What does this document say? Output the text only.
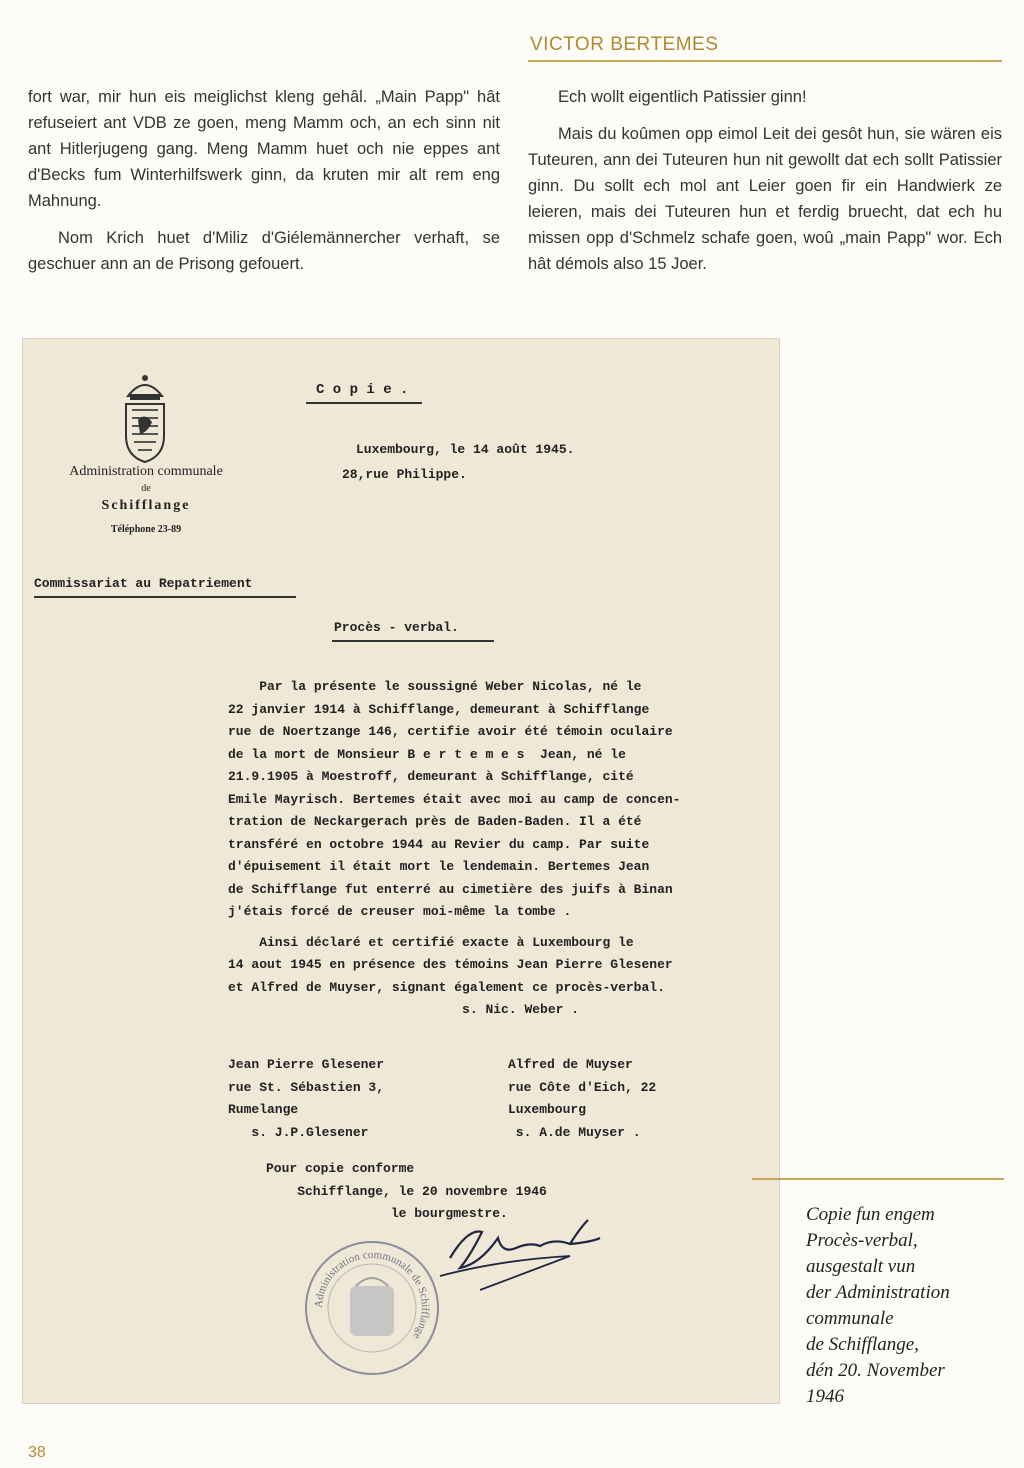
VICTOR BERTEMES

fort war, mir hun eis meiglichst kleng gehâl. „Main Papp" hât refuseiert ant VDB ze goen, meng Mamm och, an ech sinn nit ant Hitlerjugeng gang. Meng Mamm huet och nie eppes ant d'Becks fum Winterhilfswerk ginn, da kruten mir alt rem eng Mahnung.

Nom Krich huet d'Miliz d'Giélemännercher verhaft, se geschuer ann an de Prisong gefouert.

Ech wollt eigentlich Patissier ginn!

Mais du koûmen opp eimol Leit dei gesôt hun, sie wären eis Tuteuren, ann dei Tuteuren hun nit gewollt dat ech sollt Patissier ginn. Du sollt ech mol ant Leier goen fir ein Handwierk ze leieren, mais dei Tuteuren hun et ferdig bruecht, dat ech hu missen opp d'Schmelz schafe goen, woû „main Papp" wor. Ech hât démols also 15 Joer.

Administration communale
de
Schifflange
Téléphone 23-89
C o p i e .
Luxembourg, le 14 août 1945.
28,rue Philippe.
Commissariat au Repatriement
Procès - verbal.
Par la présente le soussigné Weber Nicolas, né le
22 janvier 1914 à Schifflange, demeurant à Schifflange
rue de Noertzange 146, certifie avoir été témoin oculaire
de la mort de Monsieur B e r t e m e s  Jean, né le
21.9.1905 à Moestroff, demeurant à Schifflange, cité
Emile Mayrisch. Bertemes était avec moi au camp de concen-
tration de Neckargerach près de Baden-Baden. Il a été
transféré en octobre 1944 au Revier du camp. Par suite
d'épuisement il était mort le lendemain. Bertemes Jean
de Schifflange fut enterré au cimetière des juifs à Binan
j'étais forcé de creuser moi-même la tombe .
Ainsi déclaré et certifié exacte à Luxembourg le
14 aout 1945 en présence des témoins Jean Pierre Glesener
et Alfred de Muyser, signant également ce procès-verbal.
s. Nic. Weber .
Jean Pierre Glesener
rue St. Sébastien 3,
Rumelange
s. J.P.Glesener
Alfred de Muyser
rue Côte d'Eich, 22
Luxembourg
s. A.de Muyser .
Pour copie conforme
Schifflange, le 20 novembre 1946
le bourgmestre.
Administration communale de Schifflange
Copie fun engem
Procès-verbal,
ausgestalt vun
der Administration
communale
de Schifflange,
dén 20. November
1946
38
